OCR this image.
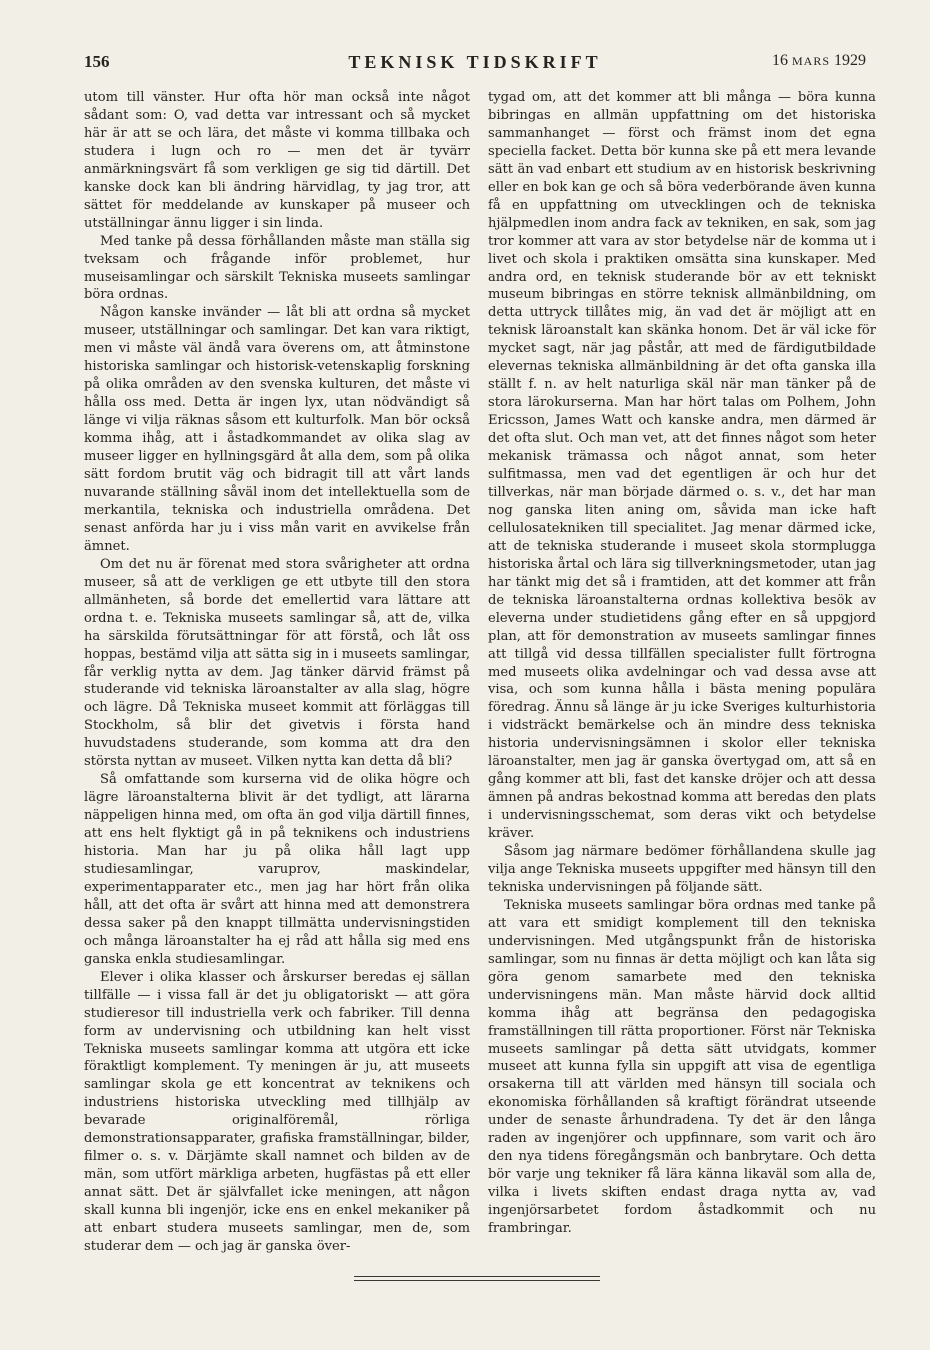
156	TEKNISK TIDSKRIFT	16 MARS 1929

utom till vänster. Hur ofta hör man också inte något sådant som: O, vad detta var intressant och så mycket här är att se och lära, det måste vi komma tillbaka och studera i lugn och ro — men det är tyvärr anmärkningsvärt få som verkligen ge sig tid därtill. Det kanske dock kan bli ändring härvidlag, ty jag tror, att sättet för meddelande av kunskaper på museer och utställningar ännu ligger i sin linda.

Med tanke på dessa förhållanden måste man ställa sig tveksam och frågande inför problemet, hur museisamlingar och särskilt Tekniska museets samlingar böra ordnas.

Någon kanske invänder — låt bli att ordna så mycket museer, utställningar och samlingar. Det kan vara riktigt, men vi måste väl ändå vara överens om, att åtminstone historiska samlingar och historisk-vetenskaplig forskning på olika områden av den svenska kulturen, det måste vi hålla oss med. Detta är ingen lyx, utan nödvändigt så länge vi vilja räknas såsom ett kulturfolk. Man bör också komma ihåg, att i åstadkommandet av olika slag av museer ligger en hyllningsgärd åt alla dem, som på olika sätt fordom brutit väg och bidragit till att vårt lands nuvarande ställning såväl inom det intellektuella som de merkantila, tekniska och industriella områdena. Det senast anförda har ju i viss mån varit en avvikelse från ämnet.

Om det nu är förenat med stora svårigheter att ordna museer, så att de verkligen ge ett utbyte till den stora allmänheten, så borde det emellertid vara lättare att ordna t. e. Tekniska museets samlingar så, att de, vilka ha särskilda förutsättningar för att förstå, och låt oss hoppas, bestämd vilja att sätta sig in i museets samlingar, får verklig nytta av dem. Jag tänker därvid främst på studerande vid tekniska läroanstalter av alla slag, högre och lägre. Då Tekniska museet kommit att förläggas till Stockholm, så blir det givetvis i första hand huvudstadens studerande, som komma att dra den största nyttan av museet. Vilken nytta kan detta då bli?

Så omfattande som kurserna vid de olika högre och lägre läroanstalterna blivit är det tydligt, att lärarna näppeligen hinna med, om ofta än god vilja därtill finnes, att ens helt flyktigt gå in på teknikens och industriens historia. Man har ju på olika håll lagt upp studiesamlingar, varuprov, maskindelar, experimentapparater etc., men jag har hört från olika håll, att det ofta är svårt att hinna med att demonstrera dessa saker på den knappt tillmätta undervisningstiden och många läroanstalter ha ej råd att hålla sig med ens ganska enkla studiesamlingar.

Elever i olika klasser och årskurser beredas ej sällan tillfälle — i vissa fall är det ju obligatoriskt — att göra studieresor till industriella verk och fabriker. Till denna form av undervisning och utbildning kan helt visst Tekniska museets samlingar komma att utgöra ett icke föraktligt komplement. Ty meningen är ju, att museets samlingar skola ge ett koncentrat av teknikens och industriens historiska utveckling med tillhjälp av bevarade originalföremål, rörliga demonstrationsapparater, grafiska framställningar, bilder, filmer o. s. v. Därjämte skall namnet och bilden av de män, som utfört märkliga arbeten, hugfästas på ett eller annat sätt. Det är självfallet icke meningen, att någon skall kunna bli ingenjör, icke ens en enkel mekaniker på att enbart studera museets samlingar, men de, som studerar dem — och jag är ganska över-

tygad om, att det kommer att bli många — böra kunna bibringas en allmän uppfattning om det historiska sammanhanget — först och främst inom det egna speciella facket. Detta bör kunna ske på ett mera levande sätt än vad enbart ett studium av en historisk beskrivning eller en bok kan ge och så böra vederbörande även kunna få en uppfattning om utvecklingen och de tekniska hjälpmedlen inom andra fack av tekniken, en sak, som jag tror kommer att vara av stor betydelse när de komma ut i livet och skola i praktiken omsätta sina kunskaper. Med andra ord, en teknisk studerande bör av ett tekniskt museum bibringas en större teknisk allmänbildning, om detta uttryck tillåtes mig, än vad det är möjligt att en teknisk läroanstalt kan skänka honom. Det är väl icke för mycket sagt, när jag påstår, att med de färdigutbildade elevernas tekniska allmänbildning är det ofta ganska illa ställt f. n. av helt naturliga skäl när man tänker på de stora lärokurserna. Man har hört talas om Polhem, John Ericsson, James Watt och kanske andra, men därmed är det ofta slut. Och man vet, att det finnes något som heter mekanisk trämassa och något annat, som heter sulfitmassa, men vad det egentligen är och hur det tillverkas, när man började därmed o. s. v., det har man nog ganska liten aning om, såvida man icke haft cellulosatekniken till specialitet. Jag menar därmed icke, att de tekniska studerande i museet skola stormplugga historiska årtal och lära sig tillverkningsmetoder, utan jag har tänkt mig det så i framtiden, att det kommer att från de tekniska läroanstalterna ordnas kollektiva besök av eleverna under studietidens gång efter en så uppgjord plan, att för demonstration av museets samlingar finnes att tillgå vid dessa tillfällen specialister fullt förtrogna med museets olika avdelningar och vad dessa avse att visa, och som kunna hålla i bästa mening populära föredrag. Ännu så länge är ju icke Sveriges kulturhistoria i vidsträckt bemärkelse och än mindre dess tekniska historia undervisningsämnen i skolor eller tekniska läroanstalter, men jag är ganska övertygad om, att så en gång kommer att bli, fast det kanske dröjer och att dessa ämnen på andras bekostnad komma att beredas den plats i undervisningsschemat, som deras vikt och betydelse kräver.

Såsom jag närmare bedömer förhållandena skulle jag vilja ange Tekniska museets uppgifter med hänsyn till den tekniska undervisningen på följande sätt.

Tekniska museets samlingar böra ordnas med tanke på att vara ett smidigt komplement till den tekniska undervisningen. Med utgångspunkt från de historiska samlingar, som nu finnas är detta möjligt och kan låta sig göra genom samarbete med den tekniska undervisningens män. Man måste härvid dock alltid komma ihåg att begränsa den pedagogiska framställningen till rätta proportioner. Först när Tekniska museets samlingar på detta sätt utvidgats, kommer museet att kunna fylla sin uppgift att visa de egentliga orsakerna till att världen med hänsyn till sociala och ekonomiska förhållanden så kraftigt förändrat utseende under de senaste århundradena. Ty det är den långa raden av ingenjörer och uppfinnare, som varit och äro den nya tidens föregångsmän och banbrytare. Och detta bör varje ung tekniker få lära känna likaväl som alla de, vilka i livets skiften endast draga nytta av, vad ingenjörsarbetet fordom åstadkommit och nu frambringar.
